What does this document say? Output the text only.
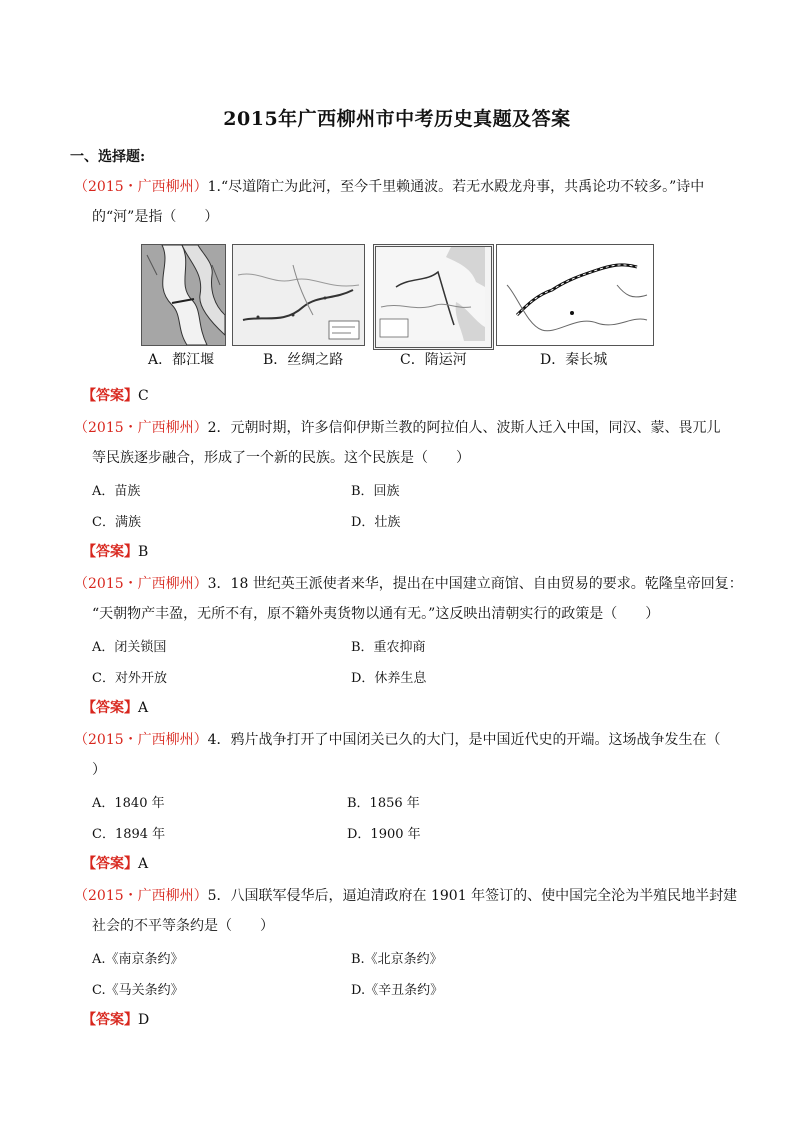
2015年广西柳州市中考历史真题及答案
一、选择题:
（2015・广西柳州）1.“尽道隋亡为此河，至今千里赖通波。若无水殿龙舟事，共禹论功不较多。”诗中
的“河”是指（　　）
A．都江堰	B．丝绸之路	C．隋运河	D．秦长城
【答案】C
（2015・广西柳州）2．元朝时期，许多信仰伊斯兰教的阿拉伯人、波斯人迁入中国，同汉、蒙、畏兀儿
等民族逐步融合，形成了一个新的民族。这个民族是（　　）
A．苗族	B．回族
C．满族	D．壮族
【答案】B
（2015・广西柳州）3．18 世纪英王派使者来华，提出在中国建立商馆、自由贸易的要求。乾隆皇帝回复：
“天朝物产丰盈，无所不有，原不籍外夷货物以通有无。”这反映出清朝实行的政策是（　　）
A．闭关锁国	B．重农抑商
C．对外开放	D．休养生息
【答案】A
（2015・广西柳州）4．鸦片战争打开了中国闭关已久的大门，是中国近代史的开端。这场战争发生在（
）
A．1840 年	B．1856 年
C．1894 年	D．1900 年
【答案】A
（2015・广西柳州）5．八国联军侵华后，逼迫清政府在 1901 年签订的、使中国完全沦为半殖民地半封建
社会的不平等条约是（　　）
A.《南京条约》	B.《北京条约》
C.《马关条约》	D.《辛丑条约》
【答案】D
